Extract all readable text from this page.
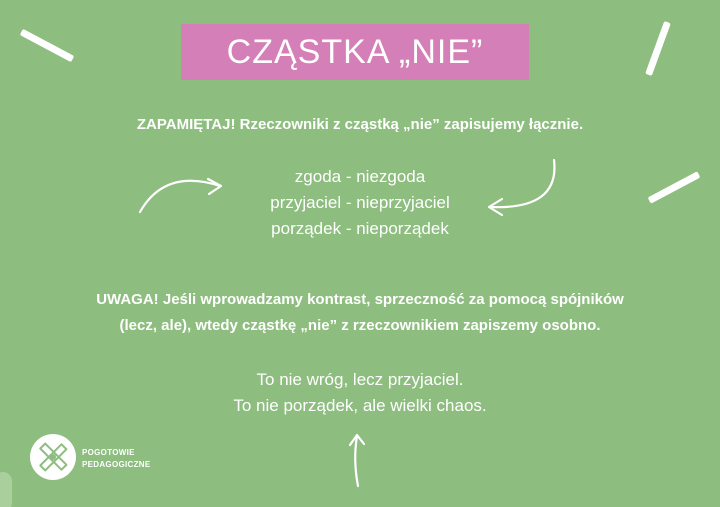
CZĄSTKA „NIE”
ZAPAMIĘTAJ! Rzeczowniki z cząstką „nie” zapisujemy łącznie.
zgoda - niezgoda
przyjaciel - nieprzyjaciel
porządek - nieporządek
UWAGA! Jeśli wprowadzamy kontrast, sprzeczność za pomocą spójników
(lecz, ale), wtedy cząstkę „nie” z rzeczownikiem zapiszemy osobno.
To nie wróg, lecz przyjaciel.
To nie porządek, ale wielki chaos.
POGOTOWIE
PEDAGOGICZNE
